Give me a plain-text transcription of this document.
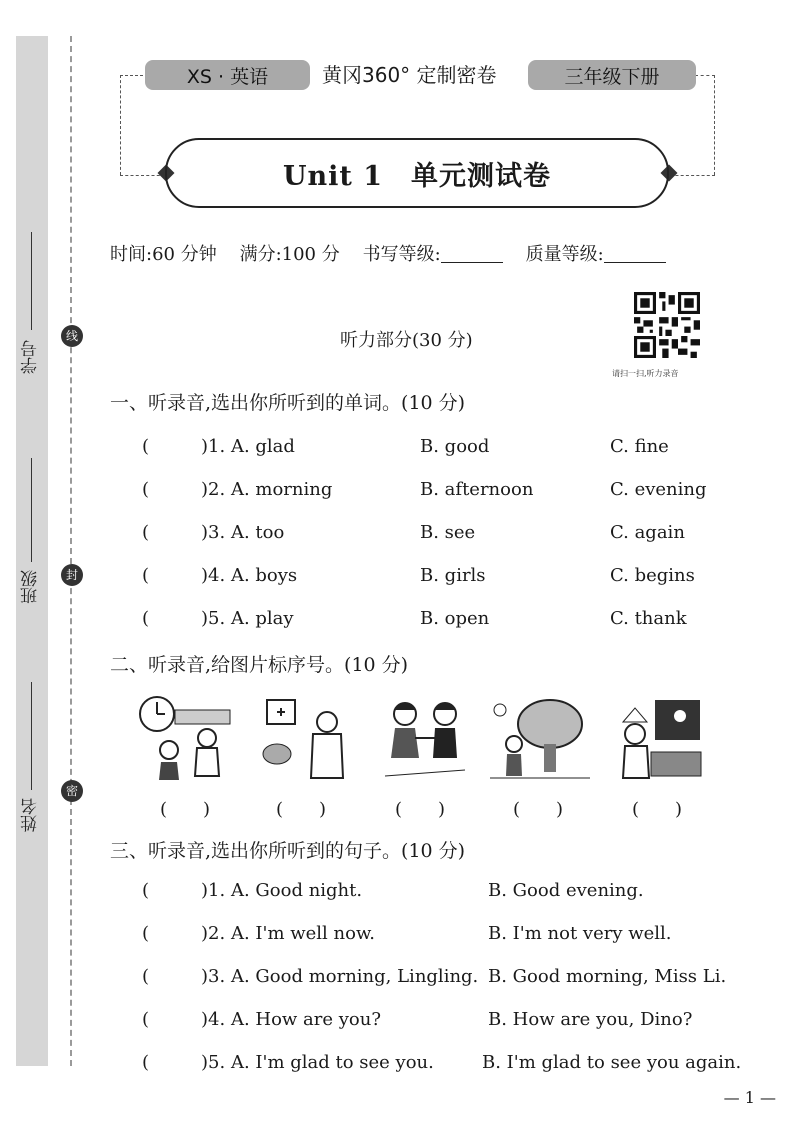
学号
班级
姓名
线
封
密
XS · 英语	黄冈360° 定制密卷	三年级下册
Unit 1　单元测试卷
时间:60 分钟 满分:100 分 书写等级:	质量等级:
听力部分(30 分)
请扫一扫,听力录音
一、听录音,选出你所听到的单词。(10 分)
(	)1. A. glad	B. good	C. fine
(	)2. A. morning	B. afternoon	C. evening
(	)3. A. too	B. see	C. again
(	)4. A. boys	B. girls	C. begins
(	)5. A. play	B. open	C. thank
二、听录音,给图片标序号。(10 分)
(　　)	(　　)	(　　)	(　　)	(　　)
三、听录音,选出你所听到的句子。(10 分)
(	)1. A. Good night.	B. Good evening.
(	)2. A. I'm well now.	B. I'm not very well.
(	)3. A. Good morning, Lingling. B. Good morning, Miss Li.
(	)4. A. How are you?	B. How are you, Dino?
(	)5. A. I'm glad to see you.	B. I'm glad to see you again.
— 1 —
